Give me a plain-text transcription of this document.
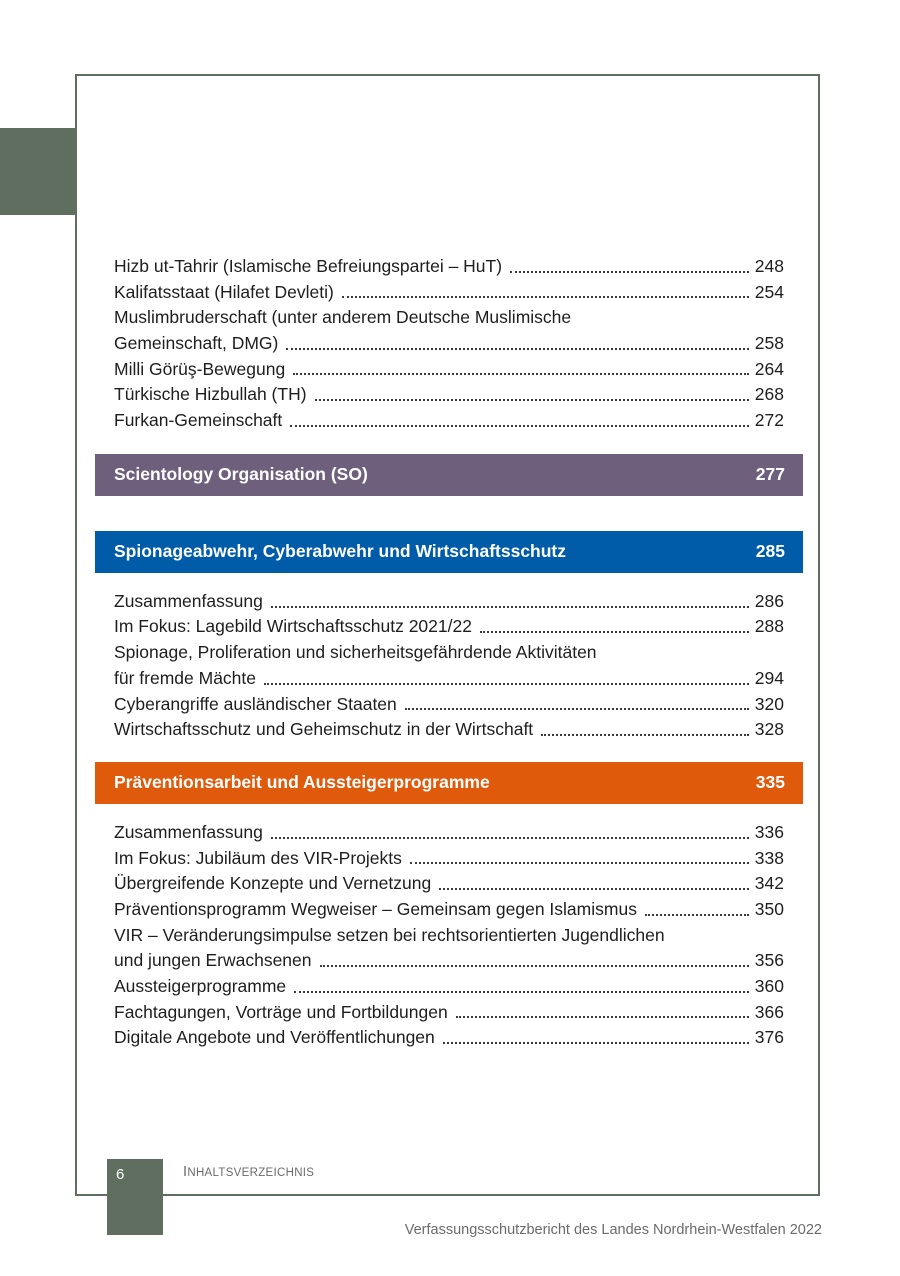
Hizb ut-Tahrir (Islamische Befreiungspartei – HuT)	248
Kalifatsstaat (Hilafet Devleti)	254
Muslimbruderschaft (unter anderem Deutsche Muslimische
Gemeinschaft, DMG)	258
Milli Görüş-Bewegung	264
Türkische Hizbullah (TH)	268
Furkan-Gemeinschaft	272
Scientology Organisation (SO)	277
Spionageabwehr, Cyberabwehr und Wirtschaftsschutz	285
Zusammenfassung	286
Im Fokus: Lagebild Wirtschaftsschutz 2021/22	288
Spionage, Proliferation und sicherheitsgefährdende Aktivitäten
für fremde Mächte	294
Cyberangriffe ausländischer Staaten	320
Wirtschaftsschutz und Geheimschutz in der Wirtschaft	328
Präventionsarbeit und Aussteigerprogramme	335
Zusammenfassung	336
Im Fokus: Jubiläum des VIR-Projekts	338
Übergreifende Konzepte und Vernetzung	342
Präventionsprogramm Wegweiser – Gemeinsam gegen Islamismus	350
VIR – Veränderungsimpulse setzen bei rechtsorientierten Jugendlichen
und jungen Erwachsenen	356
Aussteigerprogramme	360
Fachtagungen, Vorträge und Fortbildungen	366
Digitale Angebote und Veröffentlichungen	376
6	INHALTSVERZEICHNIS
Verfassungsschutzbericht des Landes Nordrhein-Westfalen 2022
